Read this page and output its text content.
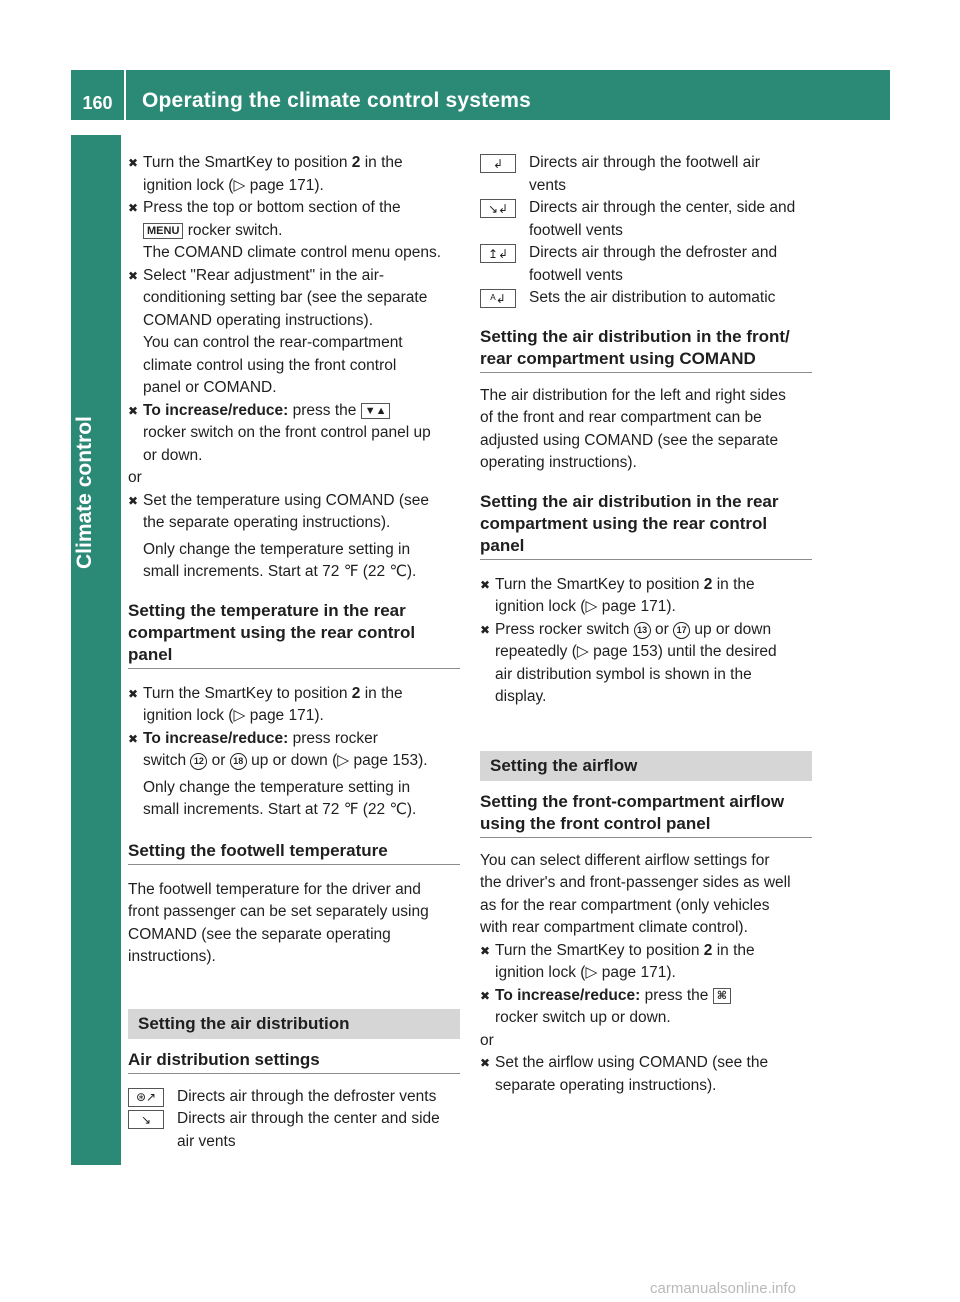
160	Operating the climate control systems
Climate control
✖ Turn the SmartKey to position 2 in the

ignition lock (▷ page 171).

✖ Press the top or bottom section of the

MENU rocker switch.

The COMAND climate control menu opens.

✖ Select "Rear adjustment" in the air-

conditioning setting bar (see the separate

COMAND operating instructions).

You can control the rear-compartment

climate control using the front control

panel or COMAND.

✖ To increase/reduce: press the ▼▲

rocker switch on the front control panel up

or down.

or

✖ Set the temperature using COMAND (see

the separate operating instructions).

Only change the temperature setting in

small increments. Start at 72 ℉ (22 ℃).

Setting the temperature in the rear
compartment using the rear control
panel
✖ Turn the SmartKey to position 2 in the

ignition lock (▷ page 171).

✖ To increase/reduce: press rocker

switch 12 or 18 up or down (▷ page 153).

Only change the temperature setting in

small increments. Start at 72 ℉ (22 ℃).

Setting the footwell temperature

The footwell temperature for the driver and

front passenger can be set separately using

COMAND (see the separate operating

instructions).

Setting the air distribution
Air distribution settings
⊛↗	Directs air through the defroster vents

↘	Directs air through the center and side

air vents

↲	Directs air through the footwell air

vents

↘↲	Directs air through the center, side and

footwell vents

↥↲	Directs air through the defroster and

footwell vents

ᴬ↲	Sets the air distribution to automatic

Setting the air distribution in the front/
rear compartment using COMAND

The air distribution for the left and right sides

of the front and rear compartment can be

adjusted using COMAND (see the separate

operating instructions).

Setting the air distribution in the rear
compartment using the rear control
panel
✖ Turn the SmartKey to position 2 in the

ignition lock (▷ page 171).

✖ Press rocker switch 13 or 17 up or down

repeatedly (▷ page 153) until the desired

air distribution symbol is shown in the

display.

Setting the airflow
Setting the front-compartment airflow
using the front control panel

You can select different airflow settings for

the driver's and front-passenger sides as well

as for the rear compartment (only vehicles

with rear compartment climate control).

✖ Turn the SmartKey to position 2 in the

ignition lock (▷ page 171).

✖ To increase/reduce: press the ⌘

rocker switch up or down.

or

✖ Set the airflow using COMAND (see the

separate operating instructions).

carmanualsonline.info
